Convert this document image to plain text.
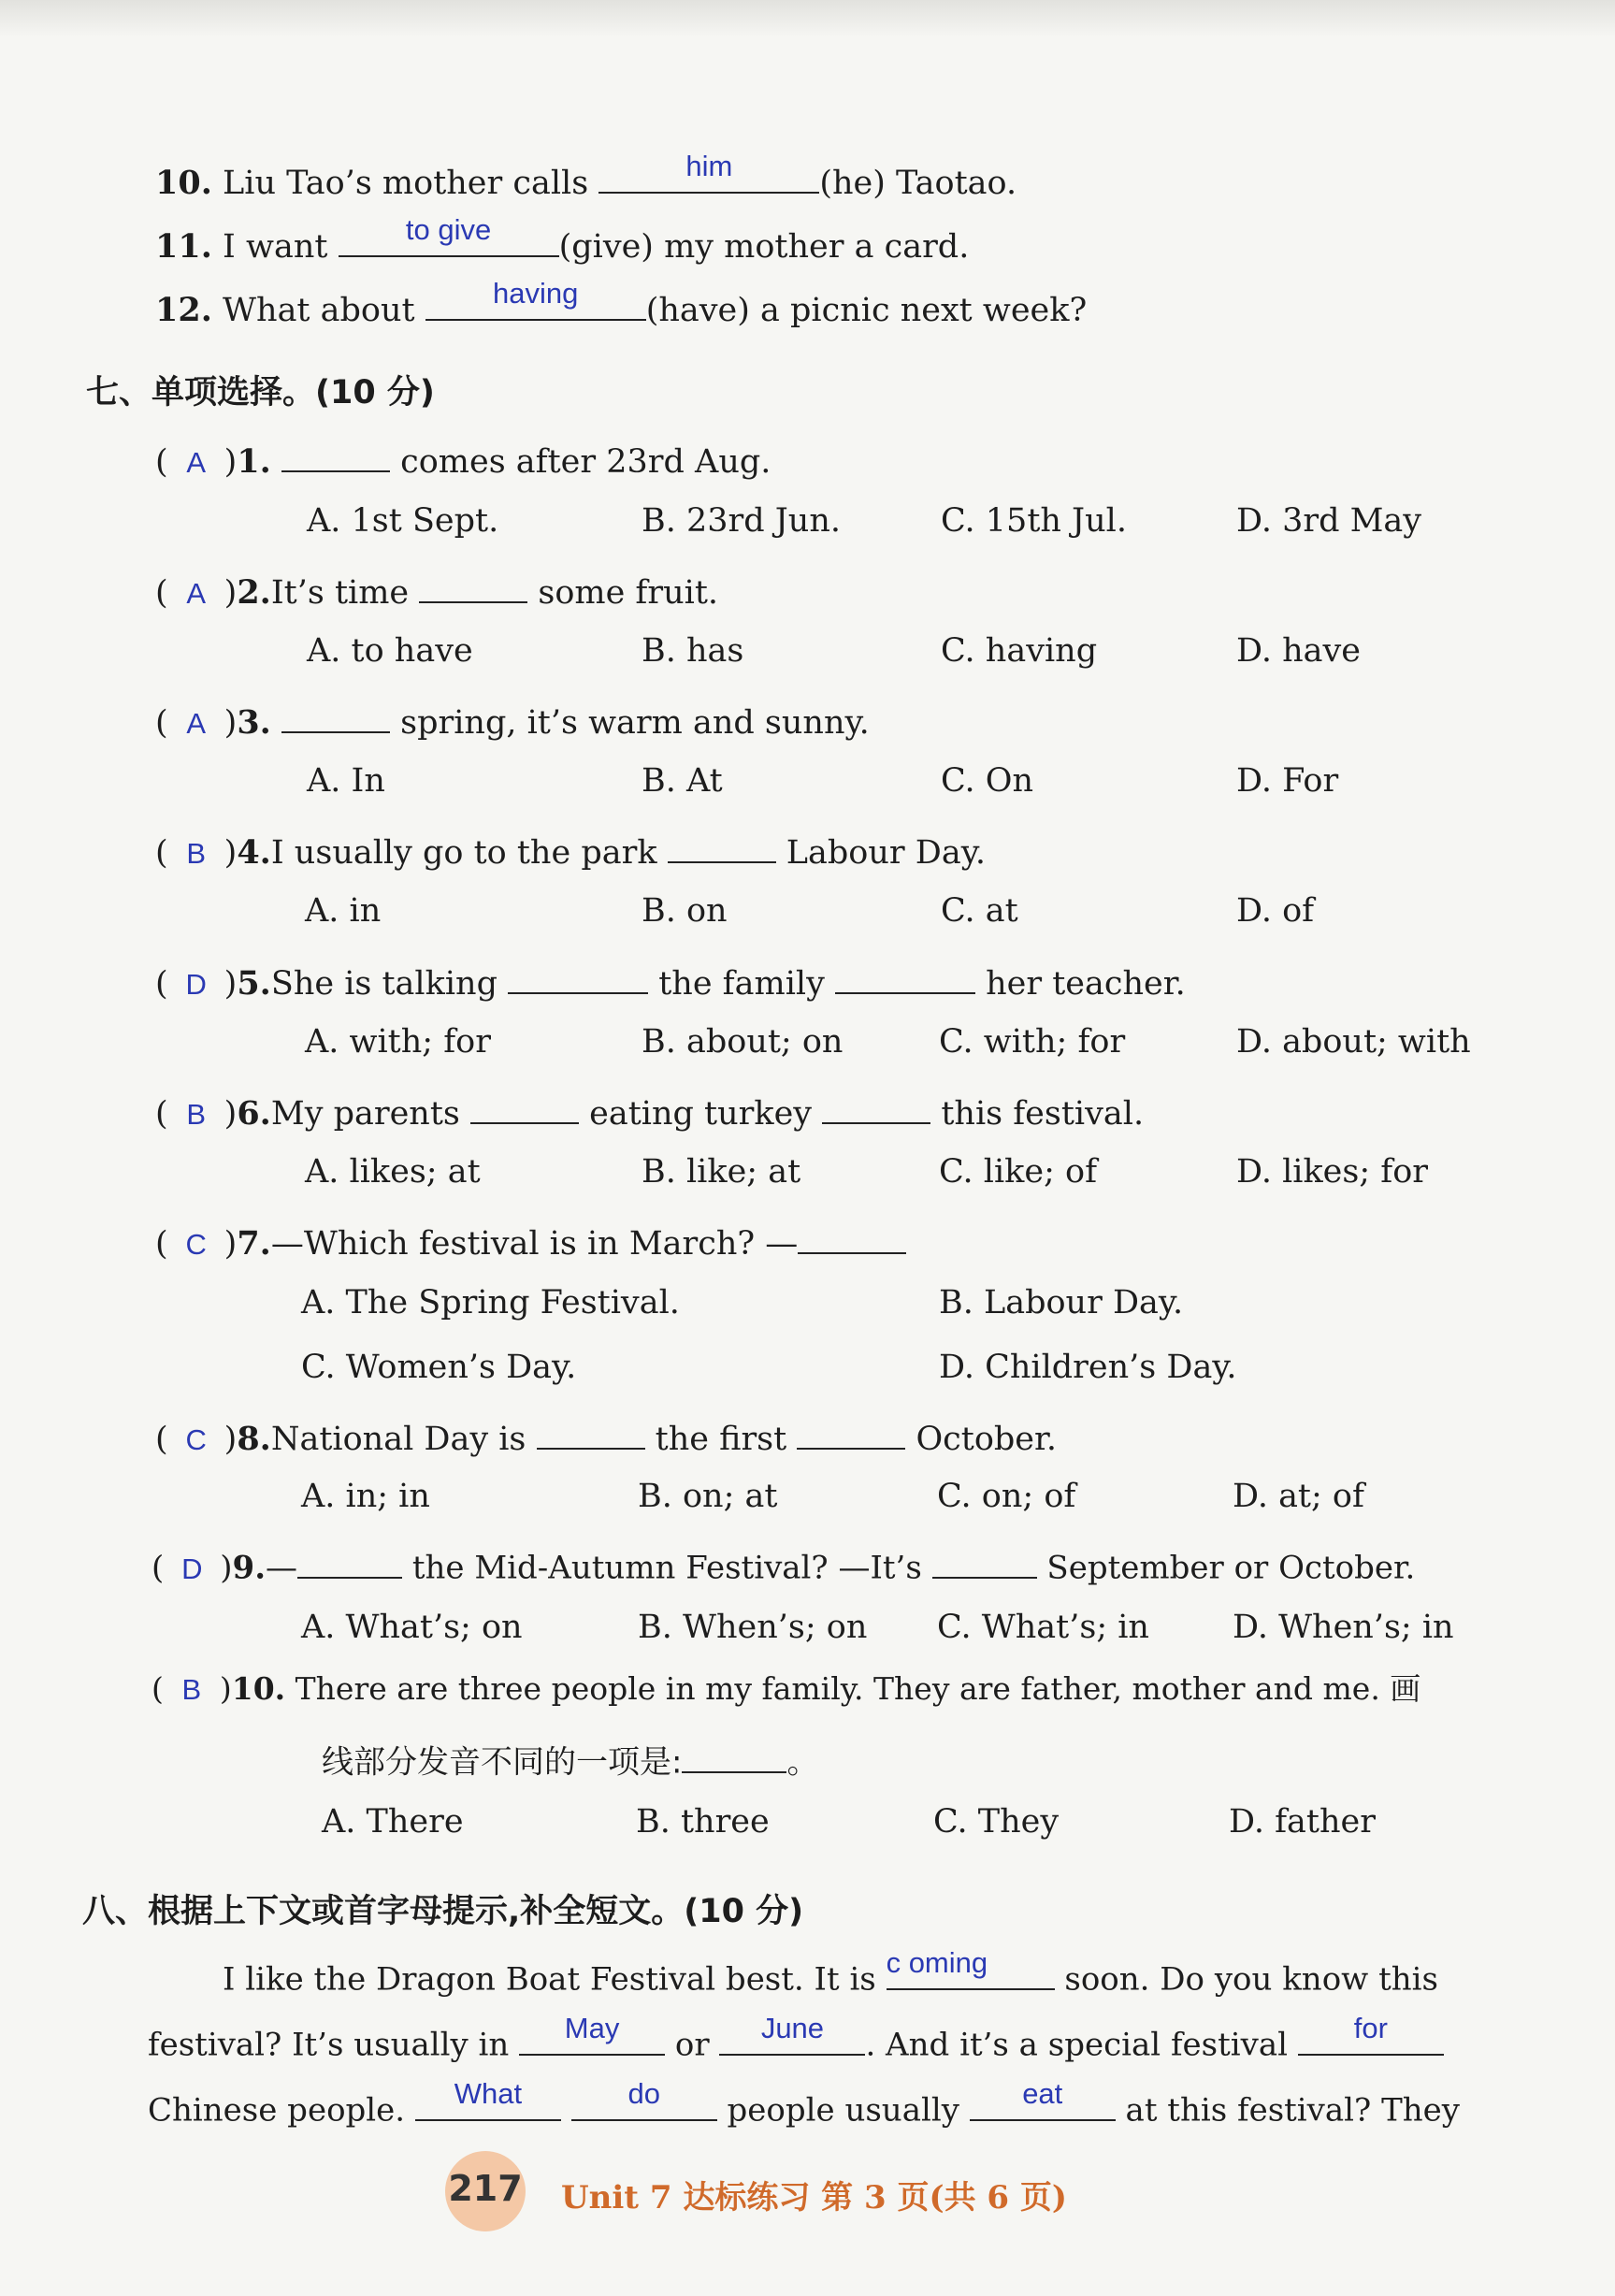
10. Liu Tao’s mother calls	him	(he) Taotao.
11. I want	to give	(give) my mother a card.
12. What about	having	(have) a picnic next week?
七、单项选择。(10 分)
( A )1.	comes after 23rd Aug.
A. 1st Sept.	B. 23rd Jun.	C. 15th Jul.	D. 3rd May
( A )2.It’s time	some fruit.
A. to have	B. has	C. having	D. have
( A )3.	spring, it’s warm and sunny.
A. In	B. At	C. On	D. For
( B )4.I usually go to the park	Labour Day.
A. in	B. on	C. at	D. of
( D )5.She is talking	the family	her teacher.
A. with; for	B. about; on	C. with; for	D. about; with
( B )6.My parents	eating turkey	this festival.
A. likes; at	B. like; at	C. like; of	D. likes; for
( C )7.—Which festival is in March? —
A. The Spring Festival.	B. Labour Day.
C. Women’s Day.	D. Children’s Day.
( C )8.National Day is	the first	October.
A. in; in	B. on; at	C. on; of	D. at; of
( D )9.—	the Mid-Autumn Festival? —It’s	September or October.
A. What’s; on	B. When’s; on C. What’s; in	D. When’s; in
( B )10. There are three people in my family. They are father, mother and me. 画
线部分发音不同的一项是:	。
A. There	B. three	C. They	D. father
八、根据上下文或首字母提示,补全短文。(10 分)
I like the Dragon Boat Festival best. It is c oming	soon. Do you know this
festival? It’s usually in	May	or	June	. And it’s a special festival	for
Chinese people.	What
	do	people usually	eat	at this festival? They
217 Unit 7 达标练习 第 3 页(共 6 页)
